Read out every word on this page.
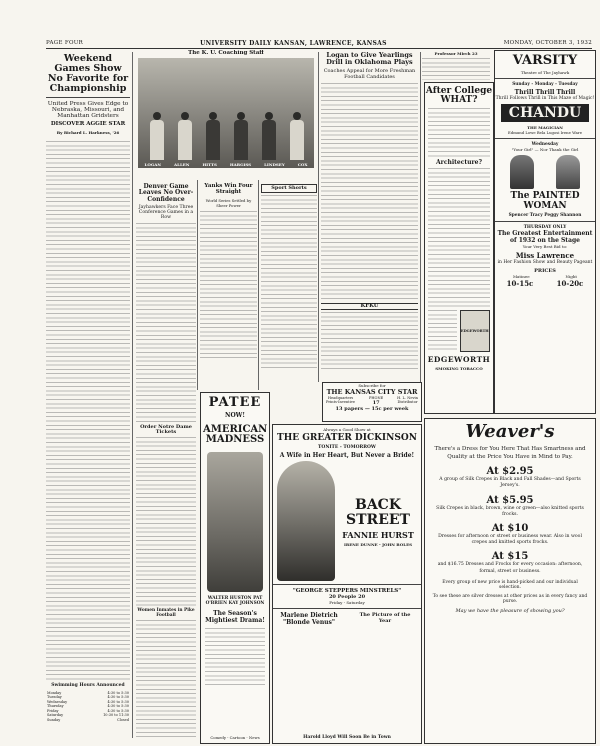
PAGE FOUR	UNIVERSITY DAILY KANSAN, LAWRENCE, KANSAS	MONDAY, OCTOBER 3, 1932
Weekend Games Show No Favorite for Championship
United Press Gives Edge to Nebraska, Missouri, and Manhattan Gridsters
DISCOVER AGGIE STAR
By Richard L. Harkness, '26

Swimming Hours Announced
Monday	4:30 to 5:30
Tuesday	4:30 to 5:30
Wednesday	4:30 to 5:30
Thursday	4:30 to 5:30
Friday	4:30 to 5:30
Saturday	10:30 to 11:30
Sunday	Closed
The K. U. Coaching Staff
LOGAN	ALLEN	HITTS	HARGISS	LINDSEY	COX
Denver Game Leaves No Over-Confidence
Jayhawkers Face Three Conference Games in a Row
Order Notre Dame Tickets
Women Inmates in Pike Football
Yanks Win Four Straight
World Series Settled by Sheer Power
Sport Shorts
Logan to Give Yearlings Drill in Oklahoma Plays
Coaches Appeal for More Freshman Football Candidates
KFKU
Professor Mirch 23
After College WHAT?
Architecture?
EDGEWORTH
EDGEWORTH
SMOKING TOBACCO
VARSITY
Theatre of The Jayhawk
Sunday - Monday - Tuesday
Thrill Thrill Thrill
Thrill Follows Thrill in This Maze of Magic!
CHANDU
THE MAGICIAN
Edmund Lowe Bela Lugosi Irene Ware
Wednesday
"Your Girl" — Nor Thank the Girl
The PAINTED WOMAN
Spencer Tracy Peggy Shannon
THURSDAY ONLY
The Greatest Entertainment of 1932 on the Stage
Your Very Best Bid to:
Miss Lawrence
in Her Fashion Show and Beauty Pageant
PRICES
Matinee	Night
10-15c	10-20c
Subscribe for
THE KANSAS CITY STAR
Headquarters
Prints-Inventive
PHONE
17
H. L. Nevin
Distributor
13 papers — 15c per week
PATEE
NOW!
AMERICAN MADNESS
WALTER HUSTON PAT O'BRIEN KAY JOHNSON
The Season's Mightiest Drama!
Comedy - Cartoon - News
Always a Good Show at
THE GREATER DICKINSON
TONITE - TOMORROW
A Wife in Her Heart, But Never a Bride!
BACK STREET
FANNIE HURST
IRENE DUNNE - JOHN BOLES
"GEORGE STEPPERS MINSTRELS"
20 People 20
Friday - Saturday
Marlene Dietrich
"Blonde Venus"
The Picture of the Year
Harold Lloyd Will Soon Be in Town
Weaver's
There's a Dress for You Here That Has Smartness and Quality at the Price You Have in Mind to Pay.
At $2.95
A group of Silk Crepes in Black and Fall Shades—and Sports Jersey's.
At $5.95
Silk Crepes in black, brown, wine or green—also knitted sports frocks.
At $10
Dresses for afternoon or street or business wear. Also in wool crepes and knitted sports frocks.
At $15
and $16.75 Dresses and Frocks for every occasion: afternoon, formal, street or business.
Every group of new price is hand-picked and our individual selection.
To see these are silver dresses at other prices as in every fancy and purse.
May we have the pleasure of showing you?
